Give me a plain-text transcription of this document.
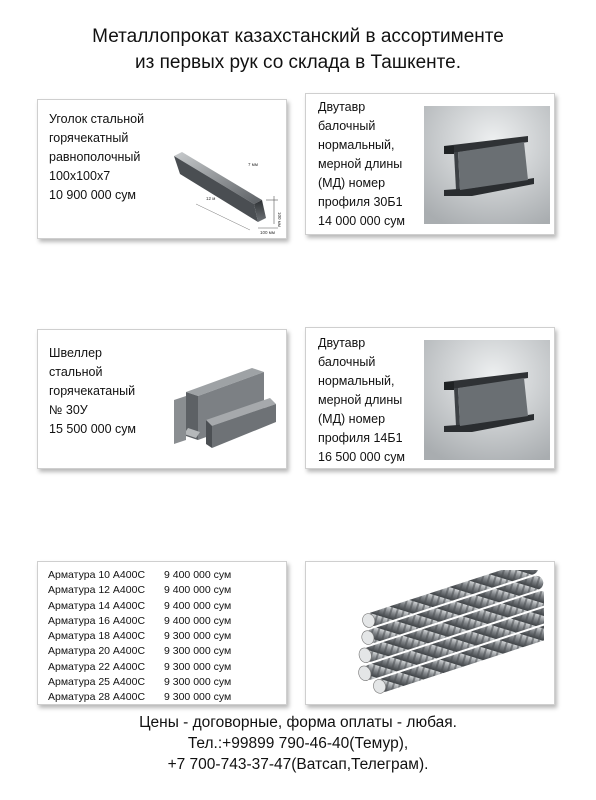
Металлопрокат казахстанский в ассортименте
из первых рук со склада в Ташкенте.
Уголок стальной
горячекатный
равнополочный
100х100х7
10 900 000 сум
7 мм
12 м
100 мм
100 мм
Двутавр
балочный
нормальный,
мерной длины
(МД) номер
профиля 30Б1
14 000 000 сум
Швеллер
стальной
горячекатаный
№ 30У
15 500 000 сум
Двутавр
балочный
нормальный,
мерной длины
(МД) номер
профиля 14Б1
16 500 000 сум
Арматура 10 А400С	9 400 000 сум
Арматура 12 А400С	9 400 000 сум
Арматура 14 А400С	9 400 000 сум
Арматура 16 А400С	9 400 000 сум
Арматура 18 А400С	9 300 000 сум
Арматура 20 А400С	9 300 000 сум
Арматура 22 А400С	9 300 000 сум
Арматура 25 А400С	9 300 000 сум
Арматура 28 А400С	9 300 000 сум
Цены - договорные, форма оплаты - любая.
Тел.:+99899 790-46-40(Темур),
+7 700-743-37-47(Ватсап,Телеграм).
